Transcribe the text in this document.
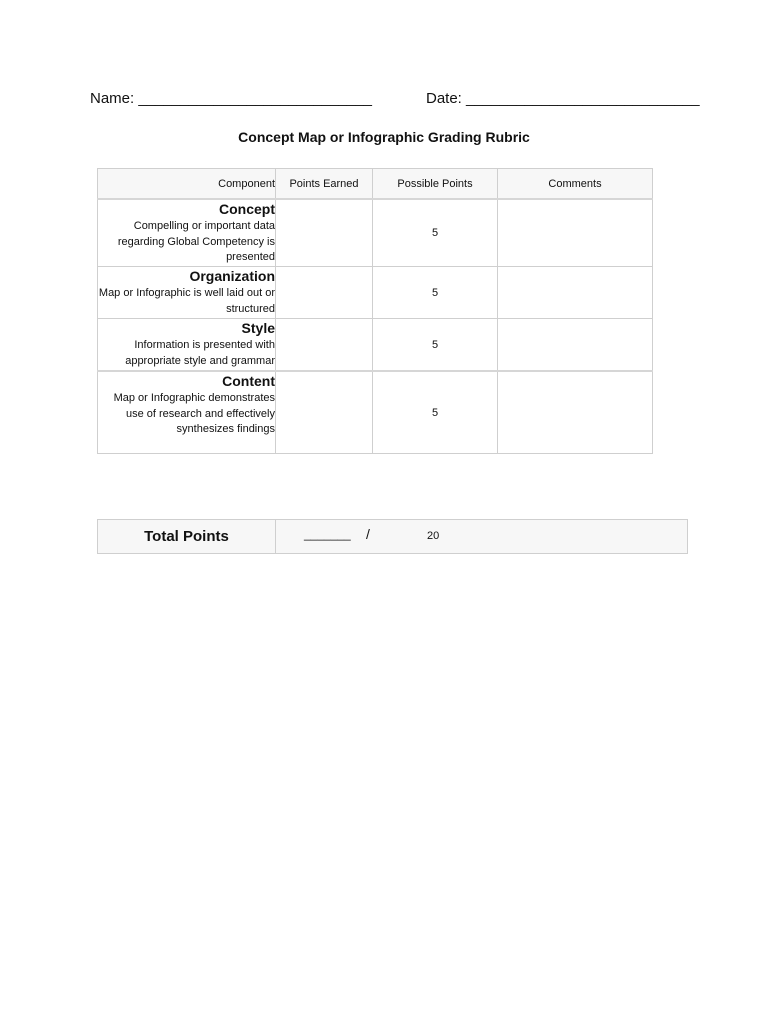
Name: ____________________________	Date: ____________________________
Concept Map or Infographic Grading Rubric
Component	Points Earned	Possible Points	Comments

Concept
Compelling or important data regarding Global Competency is presented		5	

Organization
Map or Infographic is well laid out or structured		5	

Style
Information is presented with appropriate style and grammar		5	

Content
Map or Infographic demonstrates use of research and effectively synthesizes findings		5	
Total Points	_______ /	20
